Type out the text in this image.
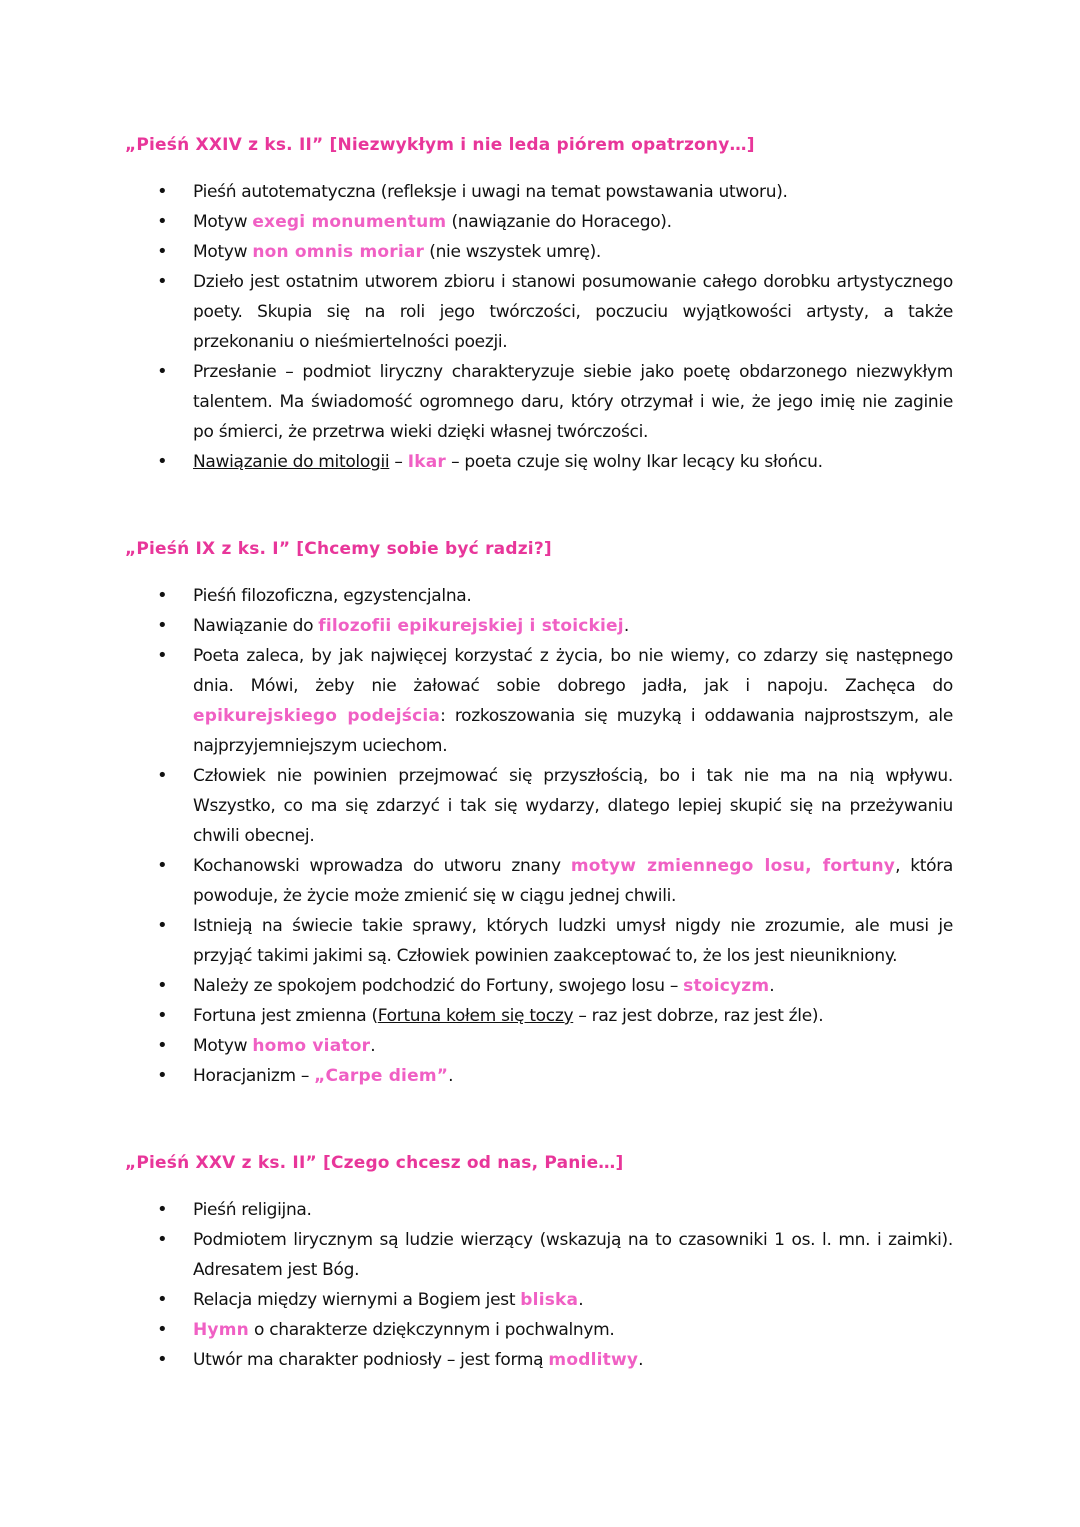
„Pieśń XXIV z ks. II” [Niezwykłym i nie leda piórem opatrzony…]
• Pieśń autotematyczna (refleksje i uwagi na temat powstawania utworu).
• Motyw exegi monumentum (nawiązanie do Horacego).
• Motyw non omnis moriar (nie wszystek umrę).
• Dzieło jest ostatnim utworem zbioru i stanowi posumowanie całego dorobku artystycznego poety. Skupia się na roli jego twórczości, poczuciu wyjątkowości artysty, a także przekonaniu o nieśmiertelności poezji.
• Przesłanie – podmiot liryczny charakteryzuje siebie jako poetę obdarzonego niezwykłym talentem. Ma świadomość ogromnego daru, który otrzymał i wie, że jego imię nie zaginie po śmierci, że przetrwa wieki dzięki własnej twórczości.
• Nawiązanie do mitologii – Ikar – poeta czuje się wolny Ikar lecący ku słońcu.
„Pieśń IX z ks. I” [Chcemy sobie być radzi?]
• Pieśń filozoficzna, egzystencjalna.
• Nawiązanie do filozofii epikurejskiej i stoickiej.
• Poeta zaleca, by jak najwięcej korzystać z życia, bo nie wiemy, co zdarzy się następnego dnia. Mówi, żeby nie żałować sobie dobrego jadła, jak i napoju. Zachęca do epikurejskiego podejścia: rozkoszowania się muzyką i oddawania najprostszym, ale najprzyjemniejszym uciechom.
• Człowiek nie powinien przejmować się przyszłością, bo i tak nie ma na nią wpływu. Wszystko, co ma się zdarzyć i tak się wydarzy, dlatego lepiej skupić się na przeżywaniu chwili obecnej.
• Kochanowski wprowadza do utworu znany motyw zmiennego losu, fortuny, która powoduje, że życie może zmienić się w ciągu jednej chwili.
• Istnieją na świecie takie sprawy, których ludzki umysł nigdy nie zrozumie, ale musi je przyjąć takimi jakimi są. Człowiek powinien zaakceptować to, że los jest nieunikniony.
• Należy ze spokojem podchodzić do Fortuny, swojego losu – stoicyzm.
• Fortuna jest zmienna (Fortuna kołem się toczy – raz jest dobrze, raz jest źle).
• Motyw homo viator.
• Horacjanizm – „Carpe diem”.
„Pieśń XXV z ks. II” [Czego chcesz od nas, Panie…]
• Pieśń religijna.
• Podmiotem lirycznym są ludzie wierzący (wskazują na to czasowniki 1 os. l. mn. i zaimki). Adresatem jest Bóg.
• Relacja między wiernymi a Bogiem jest bliska.
• Hymn o charakterze dziękczynnym i pochwalnym.
• Utwór ma charakter podniosły – jest formą modlitwy.
